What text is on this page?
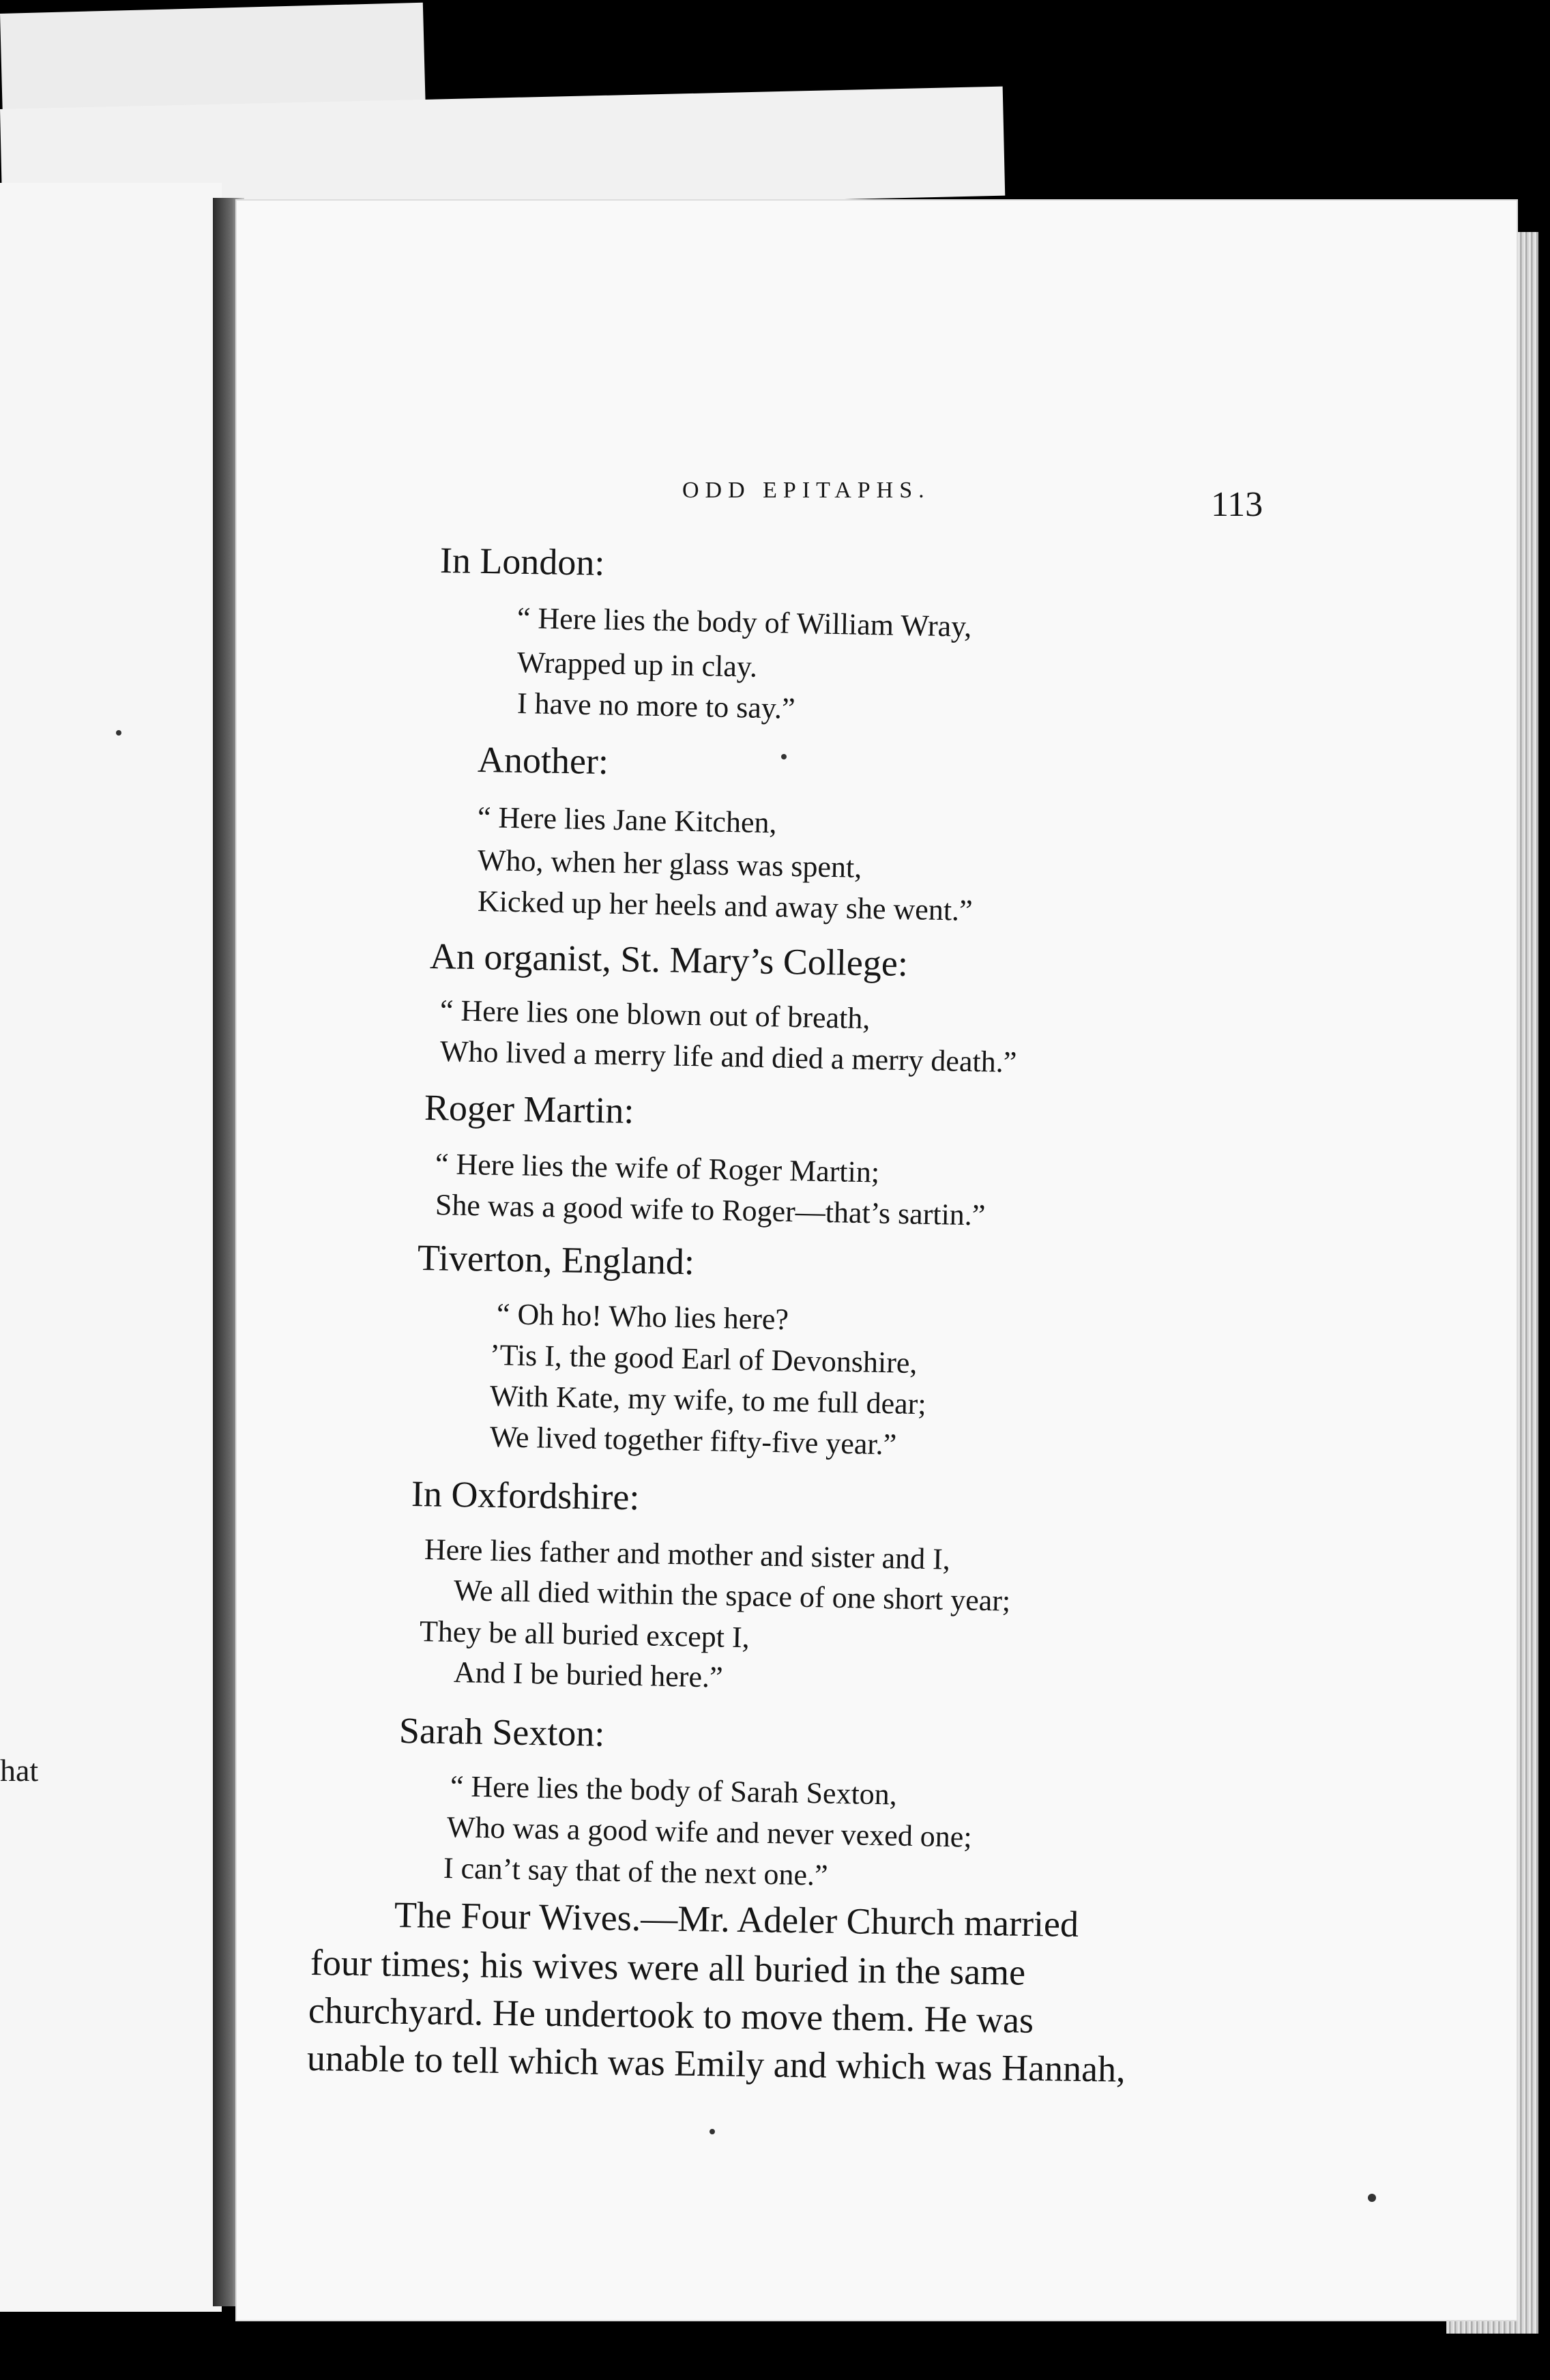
hat
ODD EPITAPHS.	113
In London:
“ Here lies the body of William Wray,
Wrapped up in clay.
I have no more to say.”
Another:
“ Here lies Jane Kitchen,
Who, when her glass was spent,
Kicked up her heels and away she went.”
An organist, St. Mary’s College:
“ Here lies one blown out of breath,
Who lived a merry life and died a merry death.”
Roger Martin:
“ Here lies the wife of Roger Martin;
She was a good wife to Roger—that’s sartin.”
Tiverton, England:
“ Oh ho! Who lies here?
’Tis I, the good Earl of Devonshire,
With Kate, my wife, to me full dear;
We lived together fifty-five year.”
In Oxfordshire:
Here lies father and mother and sister and I,
We all died within the space of one short year;
They be all buried except I,
And I be buried here.”
Sarah Sexton:
“ Here lies the body of Sarah Sexton,
Who was a good wife and never vexed one;
I can’t say that of the next one.”
The Four Wives.—Mr. Adeler Church married
four times; his wives were all buried in the same
churchyard. He undertook to move them. He was
unable to tell which was Emily and which was Hannah,
